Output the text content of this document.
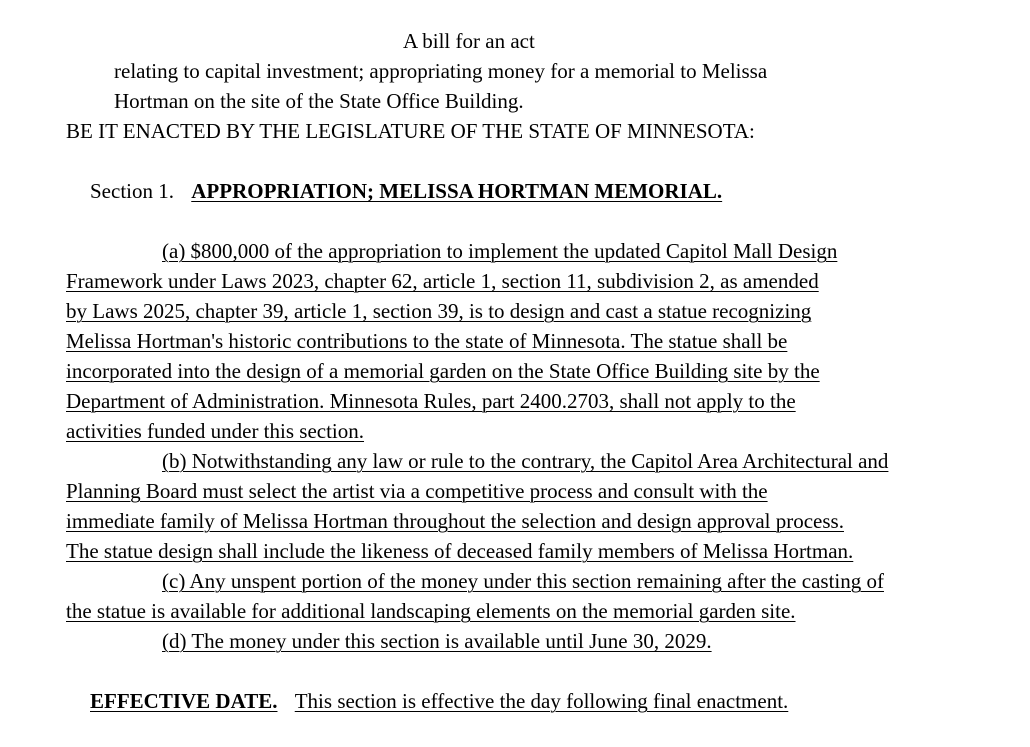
A bill for an act
relating to capital investment; appropriating money for a memorial to Melissa
Hortman on the site of the State Office Building.
BE IT ENACTED BY THE LEGISLATURE OF THE STATE OF MINNESOTA:
Section 1. APPROPRIATION; MELISSA HORTMAN MEMORIAL.
(a) $800,000 of the appropriation to implement the updated Capitol Mall Design
Framework under Laws 2023, chapter 62, article 1, section 11, subdivision 2, as amended
by Laws 2025, chapter 39, article 1, section 39, is to design and cast a statue recognizing
Melissa Hortman's historic contributions to the state of Minnesota. The statue shall be
incorporated into the design of a memorial garden on the State Office Building site by the
Department of Administration. Minnesota Rules, part 2400.2703, shall not apply to the
activities funded under this section.
(b) Notwithstanding any law or rule to the contrary, the Capitol Area Architectural and
Planning Board must select the artist via a competitive process and consult with the
immediate family of Melissa Hortman throughout the selection and design approval process.
The statue design shall include the likeness of deceased family members of Melissa Hortman.
(c) Any unspent portion of the money under this section remaining after the casting of
the statue is available for additional landscaping elements on the memorial garden site.
(d) The money under this section is available until June 30, 2029.
EFFECTIVE DATE. This section is effective the day following final enactment.
